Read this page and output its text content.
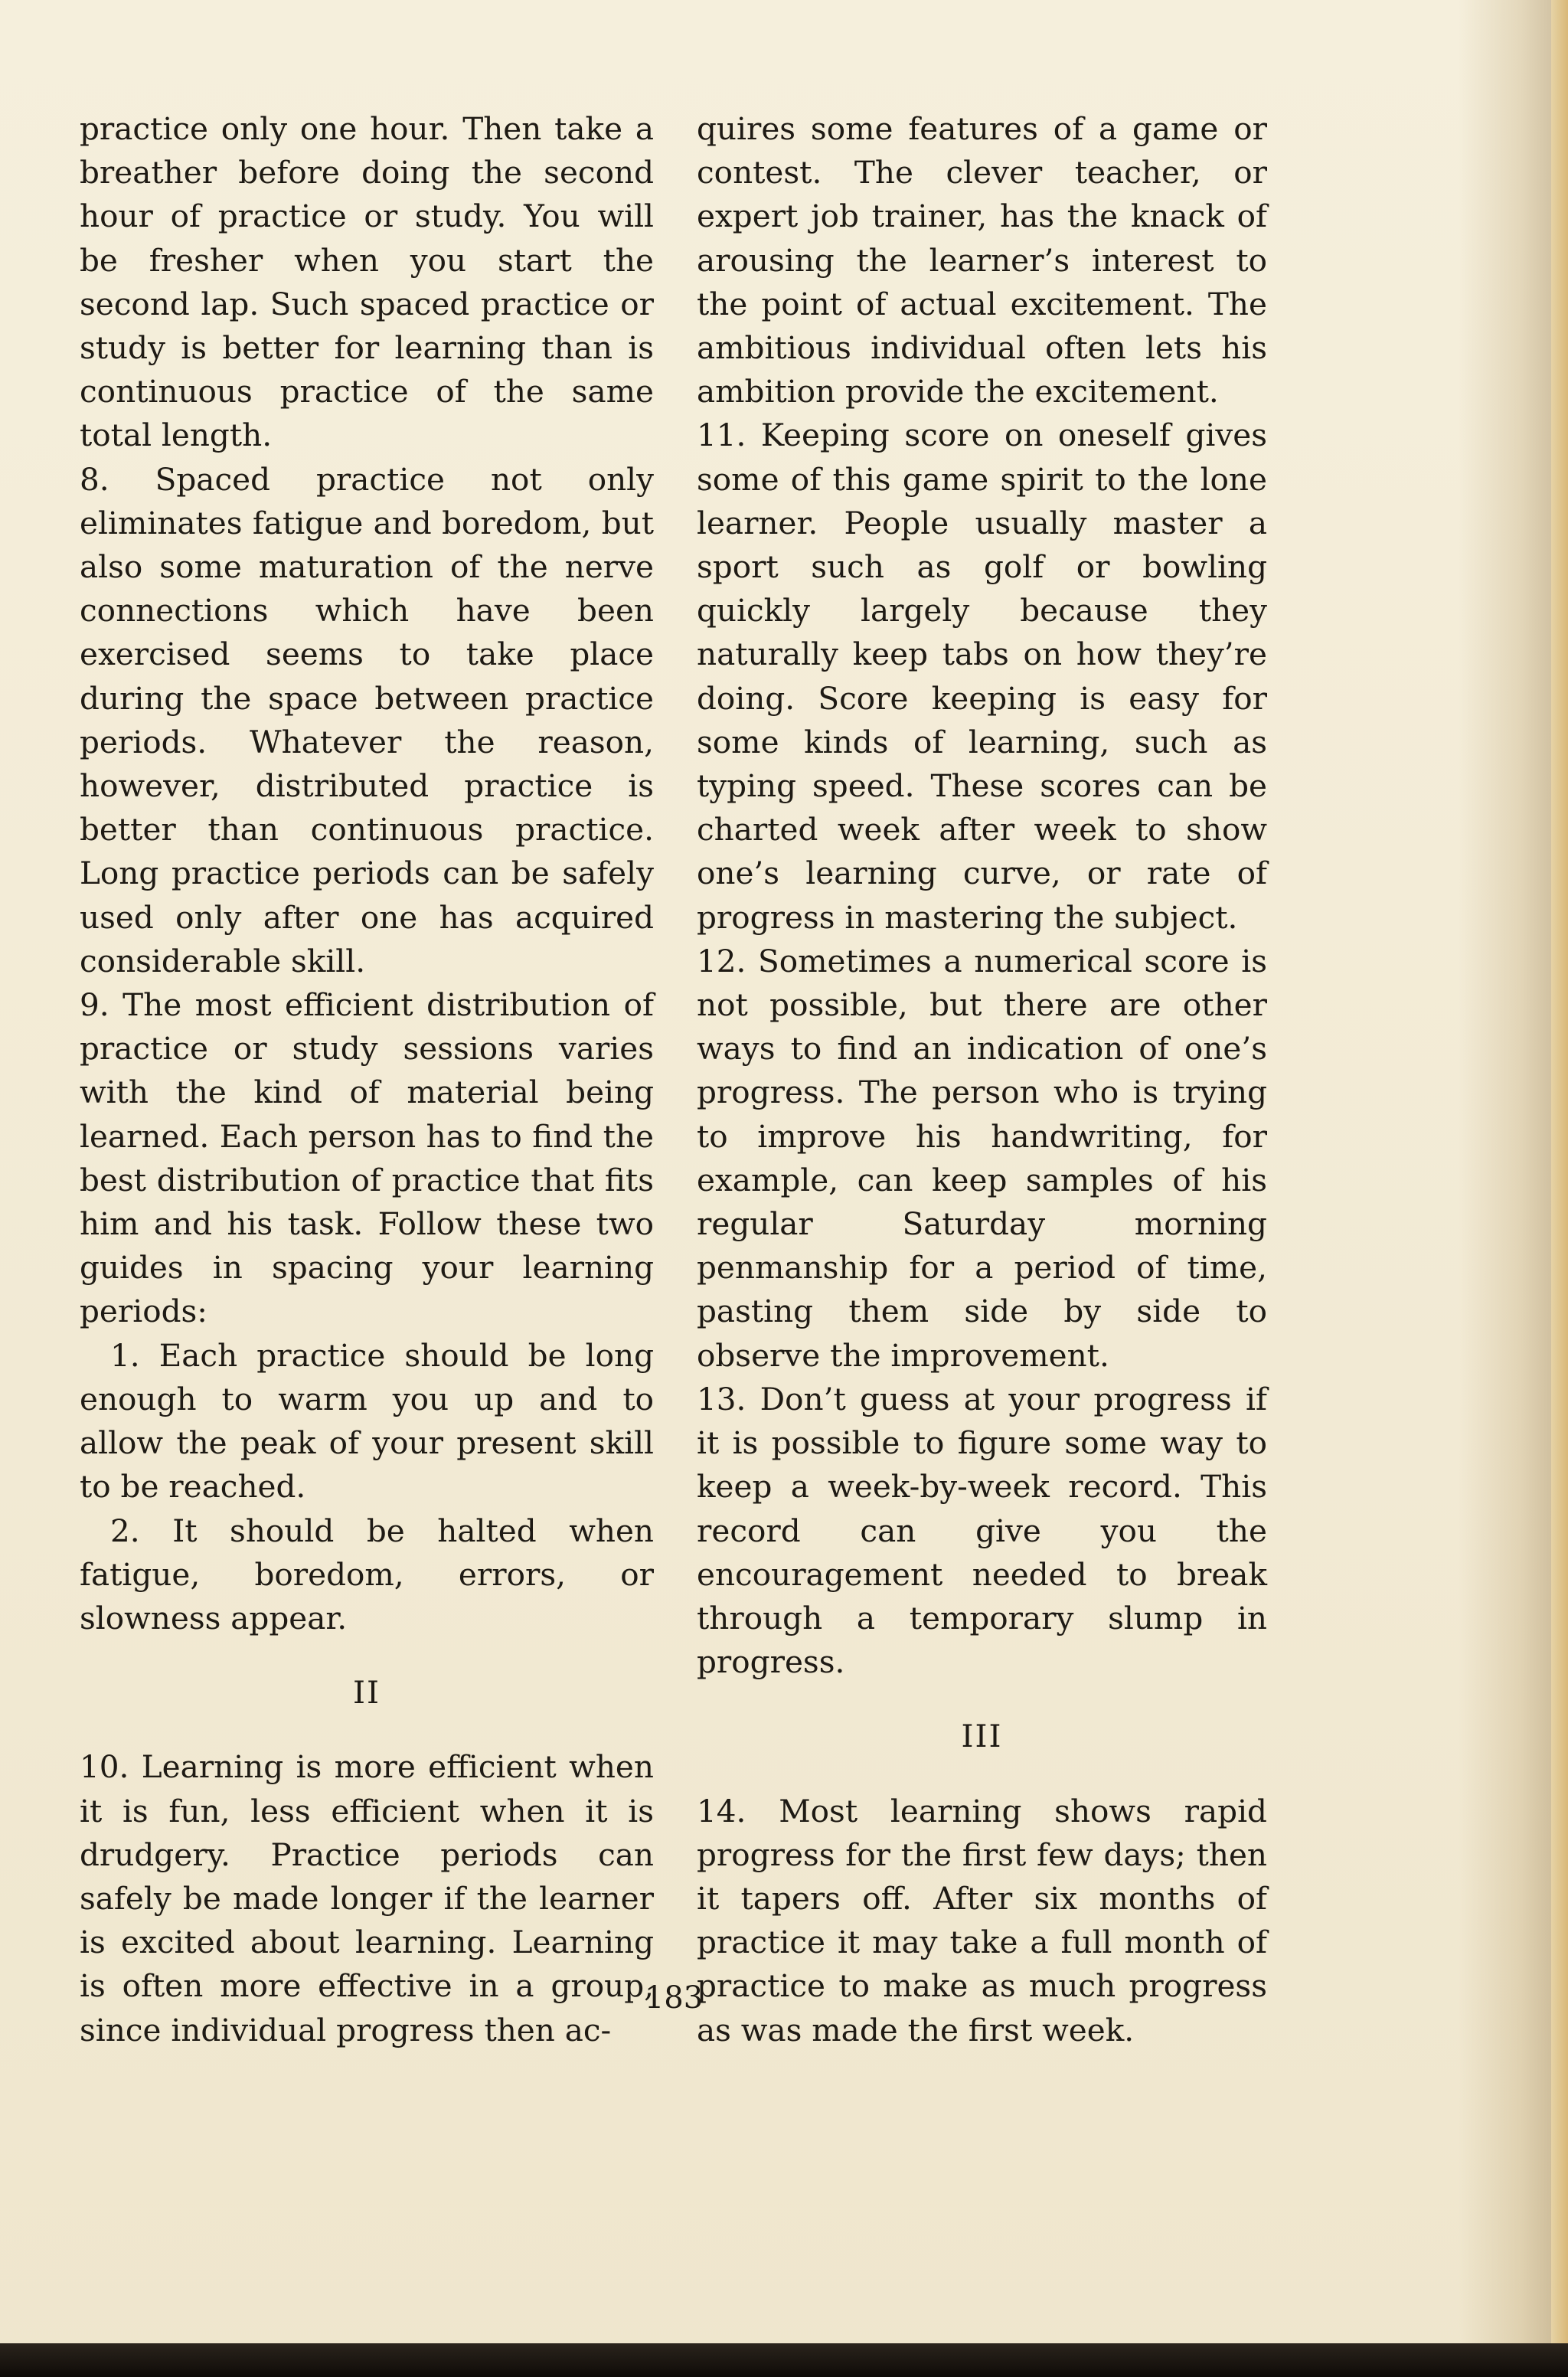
practice only one hour. Then take a breather before doing the second hour of practice or study. You will be fresher when you start the second lap. Such spaced practice or study is better for learning than is continuous practice of the same total length.

8. Spaced practice not only eliminates fatigue and boredom, but also some maturation of the nerve connections which have been exercised seems to take place during the space between practice periods. Whatever the reason, however, distributed practice is better than continuous practice. Long practice periods can be safely used only after one has acquired considerable skill.

9. The most efficient distribution of practice or study sessions varies with the kind of material being learned. Each person has to find the best distribution of practice that fits him and his task. Follow these two guides in spacing your learning periods:

1. Each practice should be long enough to warm you up and to allow the peak of your present skill to be reached.

2. It should be halted when fatigue, boredom, errors, or slowness appear.

II

10. Learning is more efficient when it is fun, less efficient when it is drudgery. Practice periods can safely be made longer if the learner is excited about learning. Learning is often more effective in a group, since individual progress then ac-

quires some features of a game or contest. The clever teacher, or expert job trainer, has the knack of arousing the learner’s interest to the point of actual excitement. The ambitious individual often lets his ambition provide the excitement.

11. Keeping score on oneself gives some of this game spirit to the lone learner. People usually master a sport such as golf or bowling quickly largely because they naturally keep tabs on how they’re doing. Score keeping is easy for some kinds of learning, such as typing speed. These scores can be charted week after week to show one’s learning curve, or rate of progress in mastering the subject.

12. Sometimes a numerical score is not possible, but there are other ways to find an indication of one’s progress. The person who is trying to improve his handwriting, for example, can keep samples of his regular Saturday morning penmanship for a period of time, pasting them side by side to observe the improvement.

13. Don’t guess at your progress if it is possible to figure some way to keep a week-by-week record. This record can give you the encouragement needed to break through a temporary slump in progress.

III

14. Most learning shows rapid progress for the first few days; then it tapers off. After six months of practice it may take a full month of practice to make as much progress as was made the first week.

183
